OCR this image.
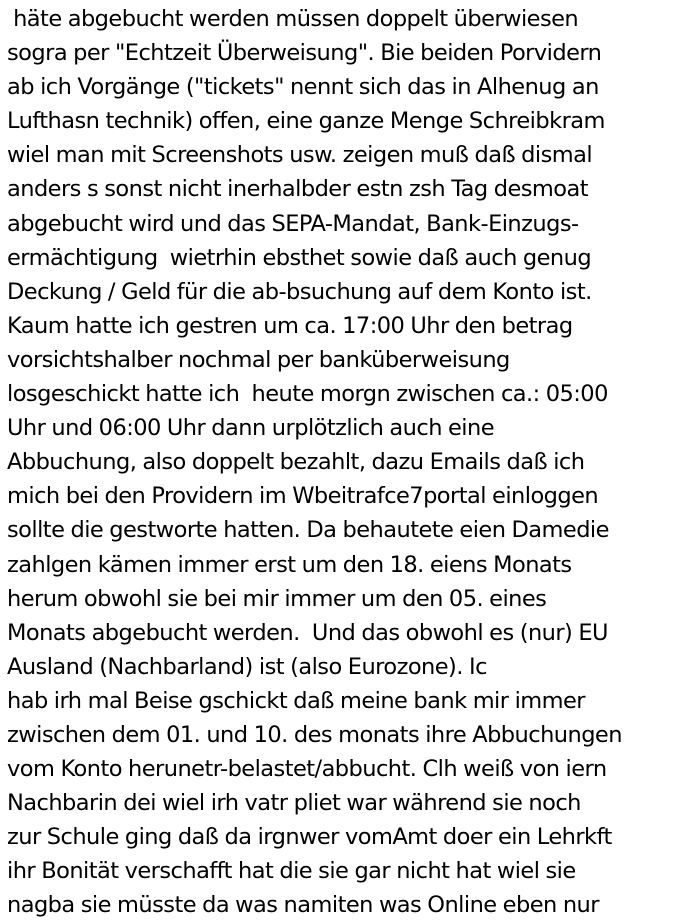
häte abgebucht werden müssen doppelt überwiesen
sogra per "Echtzeit Überweisung". Bie beiden Porvidern
ab ich Vorgänge ("tickets" nennt sich das in Alhenug an
Lufthasn technik) offen, eine ganze Menge Schreibkram
wiel man mit Screenshots usw. zeigen muß daß dismal
anders s sonst nicht inerhalbder estn zsh Tag desmoat
abgebucht wird und das SEPA-Mandat, Bank-Einzugs-
ermächtigung  wietrhin ebsthet sowie daß auch genug
Deckung / Geld für die ab-bsuchung auf dem Konto ist.
Kaum hatte ich gestren um ca. 17:00 Uhr den betrag
vorsichtshalber nochmal per banküberweisung
losgeschickt hatte ich  heute morgn zwischen ca.: 05:00
Uhr und 06:00 Uhr dann urplötzlich auch eine
Abbuchung, also doppelt bezahlt, dazu Emails daß ich
mich bei den Providern im Wbeitrafce7portal einloggen
sollte die gestworte hatten. Da behautete eien Damedie
zahlgen kämen immer erst um den 18. eiens Monats
herum obwohl sie bei mir immer um den 05. eines
Monats abgebucht werden.  Und das obwohl es (nur) EU
Ausland (Nachbarland) ist (also Eurozone). Ic
hab irh mal Beise gschickt daß meine bank mir immer
zwischen dem 01. und 10. des monats ihre Abbuchungen
vom Konto herunetr-belastet/abbucht. Clh weiß von iern
Nachbarin dei wiel irh vatr pliet war während sie noch
zur Schule ging daß da irgnwer vomAmt doer ein Lehrkft
ihr Bonität verschafft hat die sie gar nicht hat wiel sie
nagba sie müsste da was namiten was Online eben nur
